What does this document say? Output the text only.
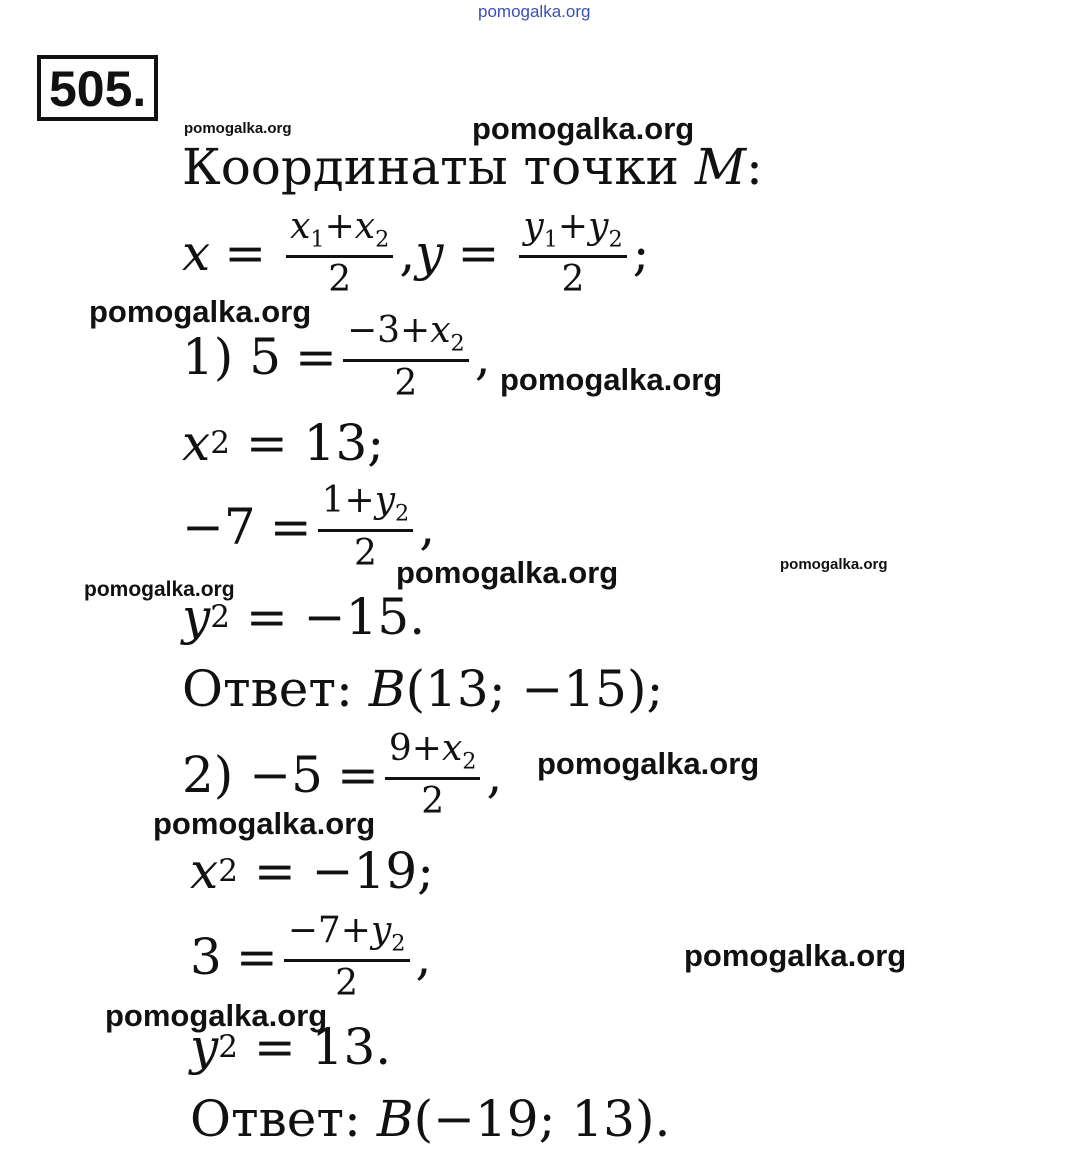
pomogalka.org
pomogalka.org	pomogalka.org
pomogalka.org
pomogalka.org
pomogalka.org	pomogalka.org
pomogalka.org
pomogalka.org
pomogalka.org
pomogalka.org
pomogalka.org
505.
Координаты точки
M :
$x = \frac{x_1+x_2}{2}$ , $y = \frac{y_1+y_2}{2}$ ;
1)
$5 = \frac{-3+x_2}{2}$ ,
x 2
= 13;
$-7 = \frac{1+y_2}{2}$ ,
y 2
= −15.
Ответ:
B (13; −15);
2)
$-5 = \frac{9+x_2}{2}$ ,
x 2
= −19;
$3 = \frac{-7+y_2}{2}$ ,
y 2
= 13.
Ответ:
B (−19; 13).
